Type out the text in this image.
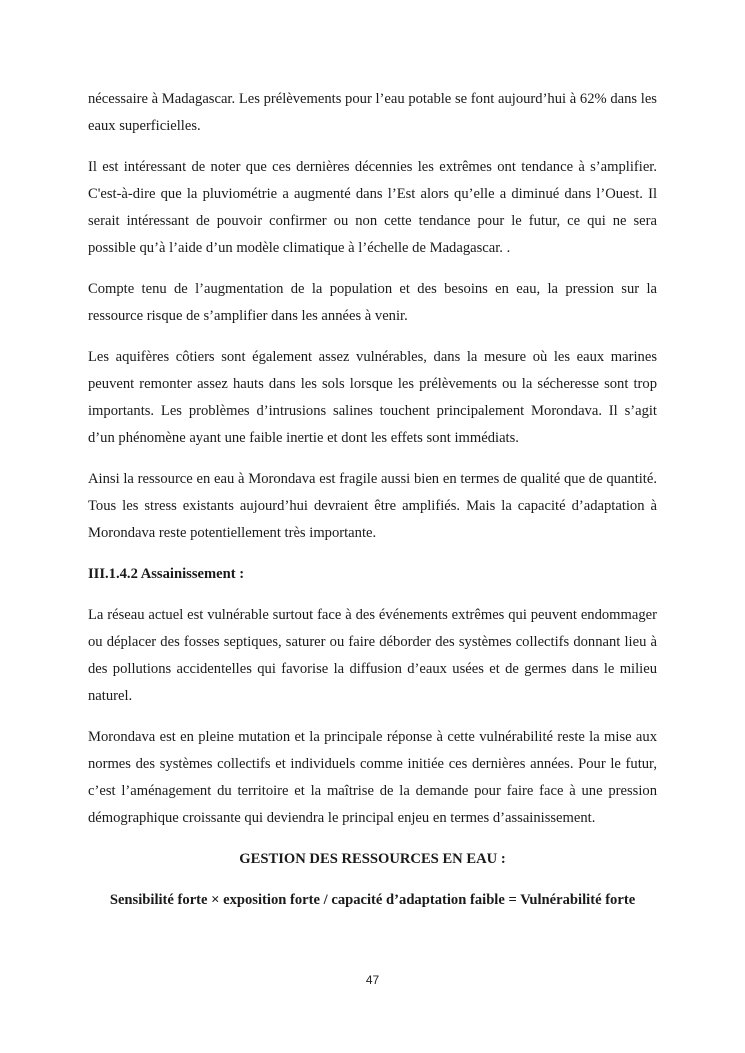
nécessaire à Madagascar. Les prélèvements pour l’eau potable se font aujourd’hui à 62% dans les eaux superficielles.

Il est intéressant de noter que ces dernières décennies les extrêmes ont tendance à s’amplifier. C'est-à-dire que la pluviométrie a augmenté dans l’Est alors qu’elle a diminué dans l’Ouest. Il serait intéressant de pouvoir confirmer ou non cette tendance pour le futur, ce qui ne sera possible qu’à l’aide d’un modèle climatique à l’échelle de Madagascar. .

Compte tenu de l’augmentation de la population et des besoins en eau, la pression sur la ressource risque de s’amplifier dans les années à venir.

Les aquifères côtiers sont également assez vulnérables, dans la mesure où les eaux marines peuvent remonter assez hauts dans les sols lorsque les prélèvements ou la sécheresse sont trop importants. Les problèmes d’intrusions salines touchent principalement Morondava. Il s’agit d’un phénomène ayant une faible inertie et dont les effets sont immédiats.

Ainsi la ressource en eau à Morondava est fragile aussi bien en termes de qualité que de quantité. Tous les stress existants aujourd’hui devraient être amplifiés. Mais la capacité d’adaptation à Morondava reste potentiellement très importante.

III.1.4.2 Assainissement :

La réseau actuel est vulnérable surtout face à des événements extrêmes qui peuvent endommager ou déplacer des fosses septiques, saturer ou faire déborder des systèmes collectifs donnant lieu à des pollutions accidentelles qui favorise la diffusion d’eaux usées et de germes dans le milieu naturel.

Morondava est en pleine mutation et la principale réponse à cette vulnérabilité reste la mise aux normes des systèmes collectifs et individuels comme initiée ces dernières années. Pour le futur, c’est l’aménagement du territoire et la maîtrise de la demande pour faire face à une pression démographique croissante qui deviendra le principal enjeu en termes d’assainissement.

GESTION DES RESSOURCES EN EAU :

Sensibilité forte × exposition forte / capacité d’adaptation faible = Vulnérabilité forte

47
